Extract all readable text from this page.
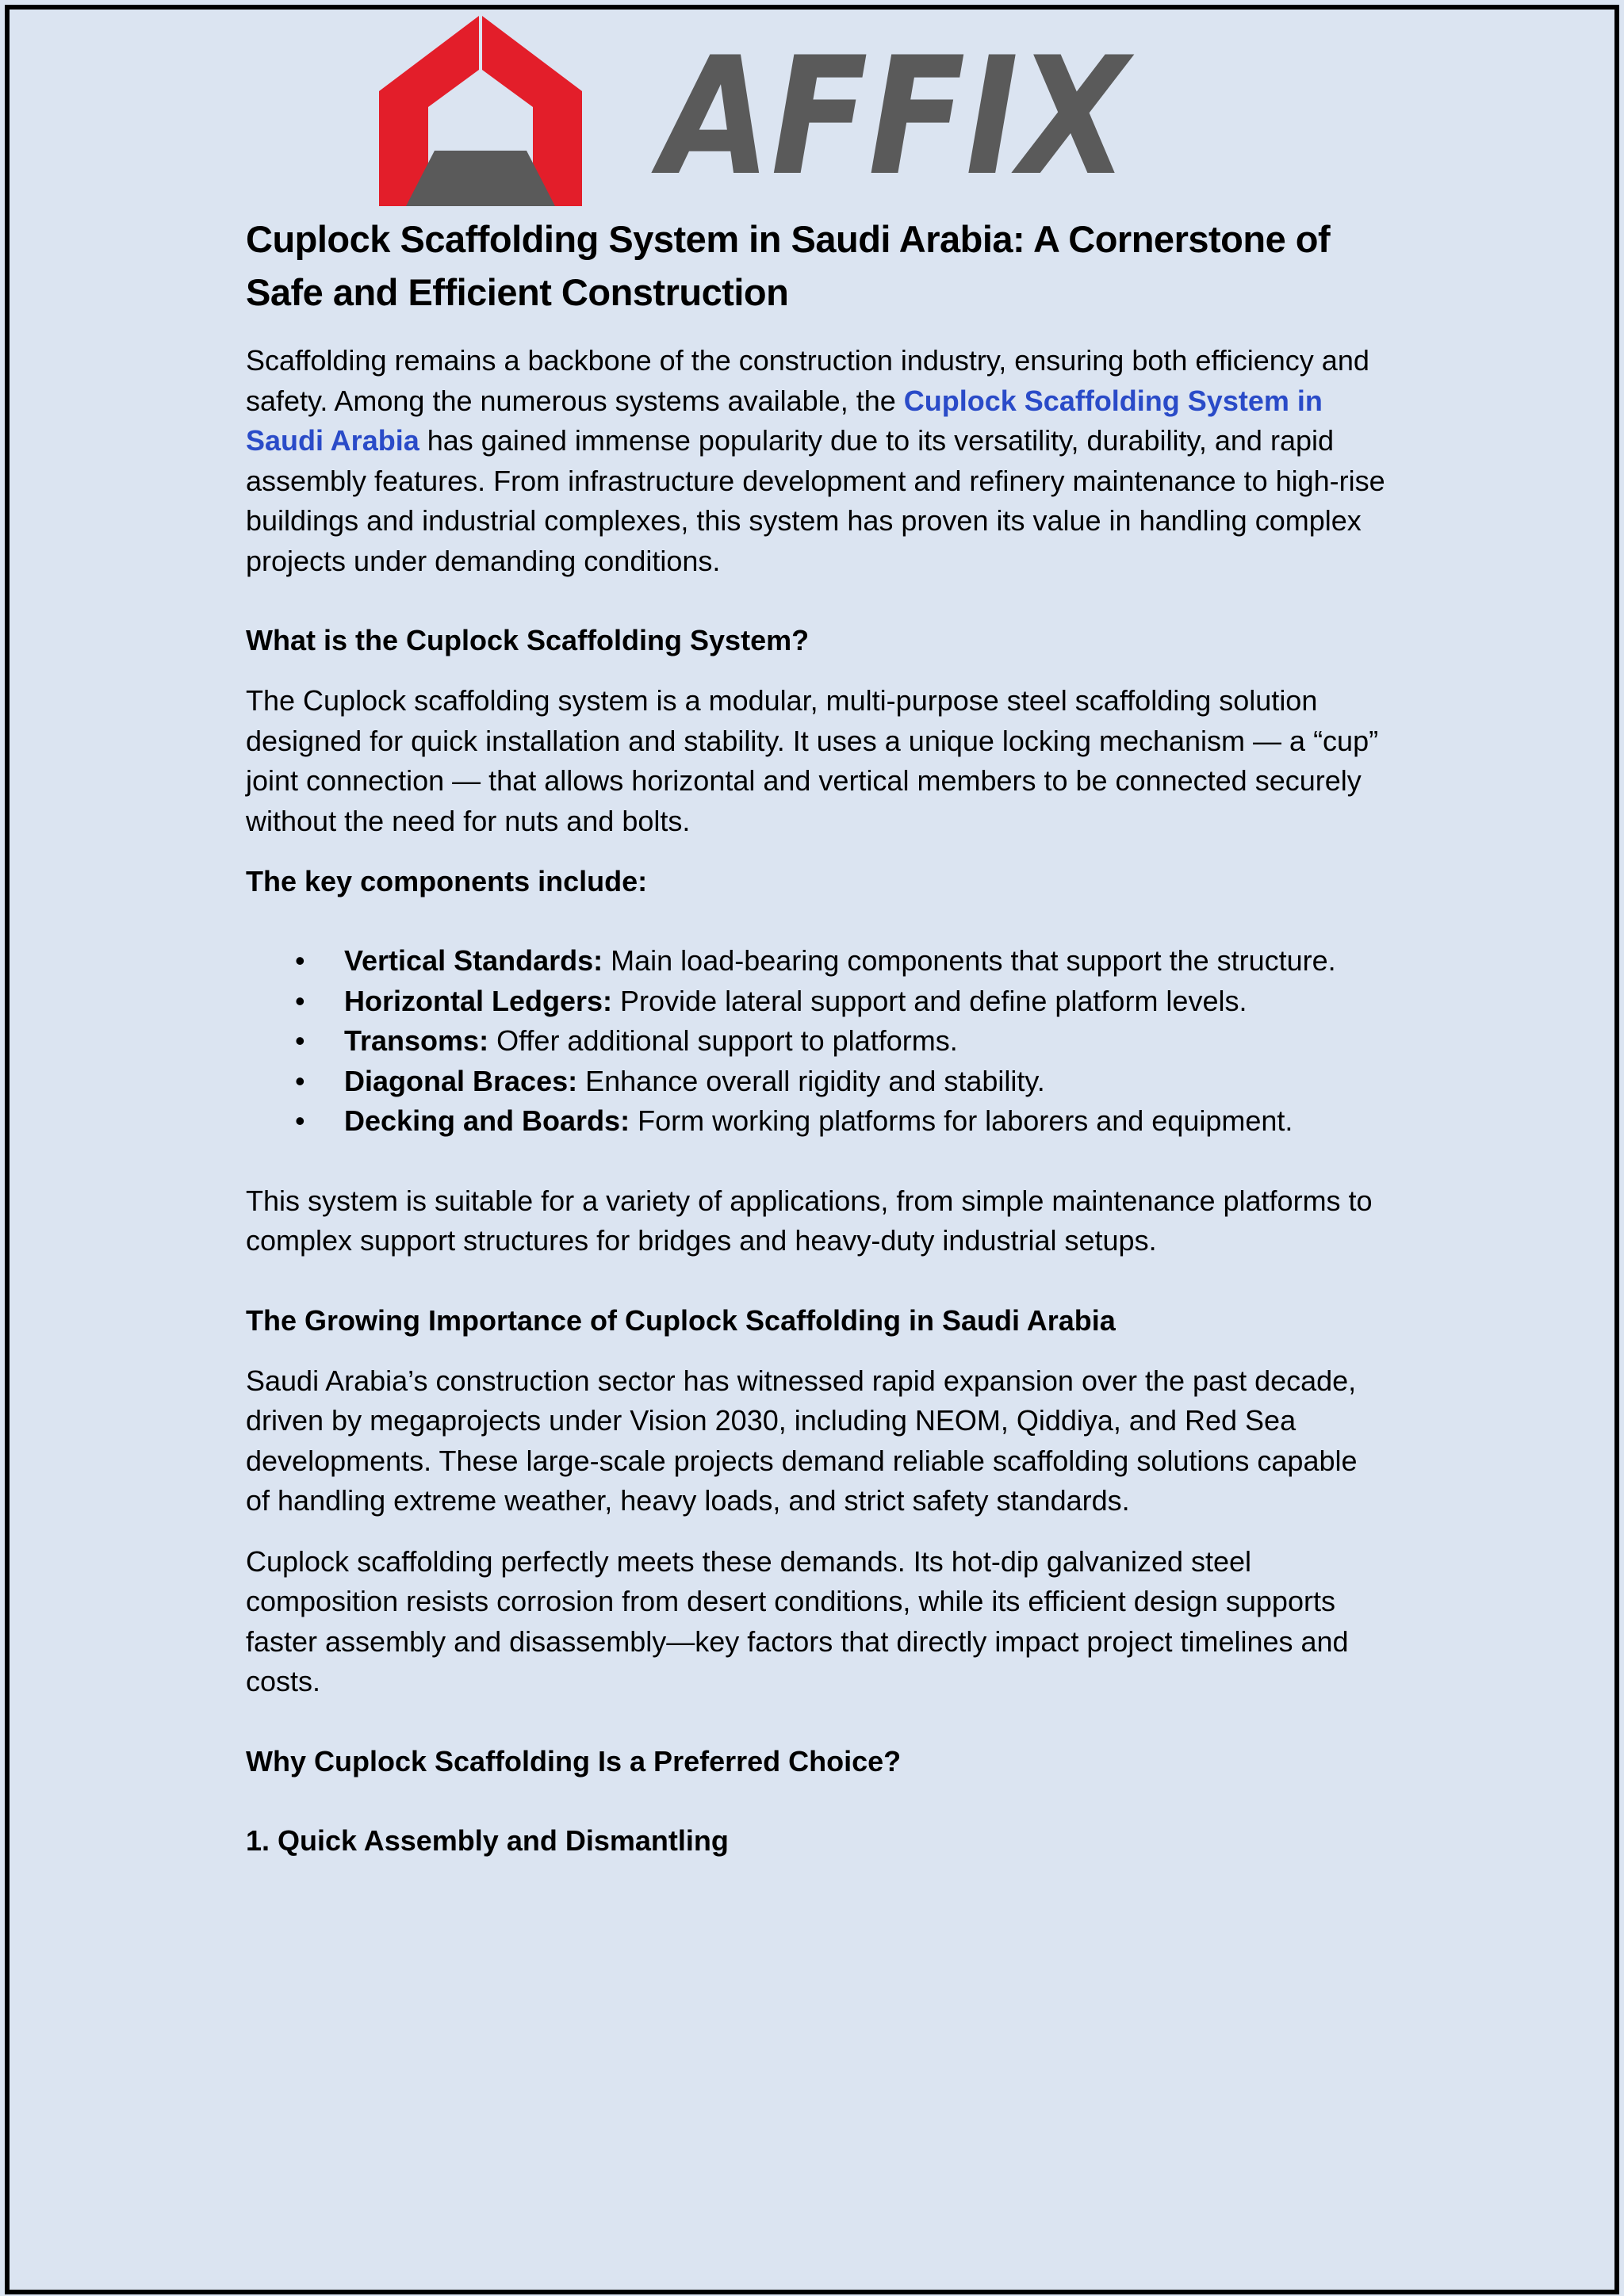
AFFIX
Cuplock Scaffolding System in Saudi Arabia: A Cornerstone of Safe and Efficient Construction

Scaffolding remains a backbone of the construction industry, ensuring both efficiency and safety. Among the numerous systems available, the Cuplock Scaffolding System in Saudi Arabia has gained immense popularity due to its versatility, durability, and rapid assembly features. From infrastructure development and refinery maintenance to high-rise buildings and industrial complexes, this system has proven its value in handling complex projects under demanding conditions.

What is the Cuplock Scaffolding System?

The Cuplock scaffolding system is a modular, multi-purpose steel scaffolding solution designed for quick installation and stability. It uses a unique locking mechanism — a “cup” joint connection — that allows horizontal and vertical members to be connected securely without the need for nuts and bolts.

The key components include:
• Vertical Standards: Main load-bearing components that support the structure.
• Horizontal Ledgers: Provide lateral support and define platform levels.
• Transoms: Offer additional support to platforms.
• Diagonal Braces: Enhance overall rigidity and stability.
• Decking and Boards: Form working platforms for laborers and equipment.

This system is suitable for a variety of applications, from simple maintenance platforms to complex support structures for bridges and heavy-duty industrial setups.

The Growing Importance of Cuplock Scaffolding in Saudi Arabia

Saudi Arabia’s construction sector has witnessed rapid expansion over the past decade, driven by megaprojects under Vision 2030, including NEOM, Qiddiya, and Red Sea developments. These large-scale projects demand reliable scaffolding solutions capable of handling extreme weather, heavy loads, and strict safety standards.

Cuplock scaffolding perfectly meets these demands. Its hot-dip galvanized steel composition resists corrosion from desert conditions, while its efficient design supports faster assembly and disassembly—key factors that directly impact project timelines and costs.

Why Cuplock Scaffolding Is a Preferred Choice?
1. Quick Assembly and Dismantling
